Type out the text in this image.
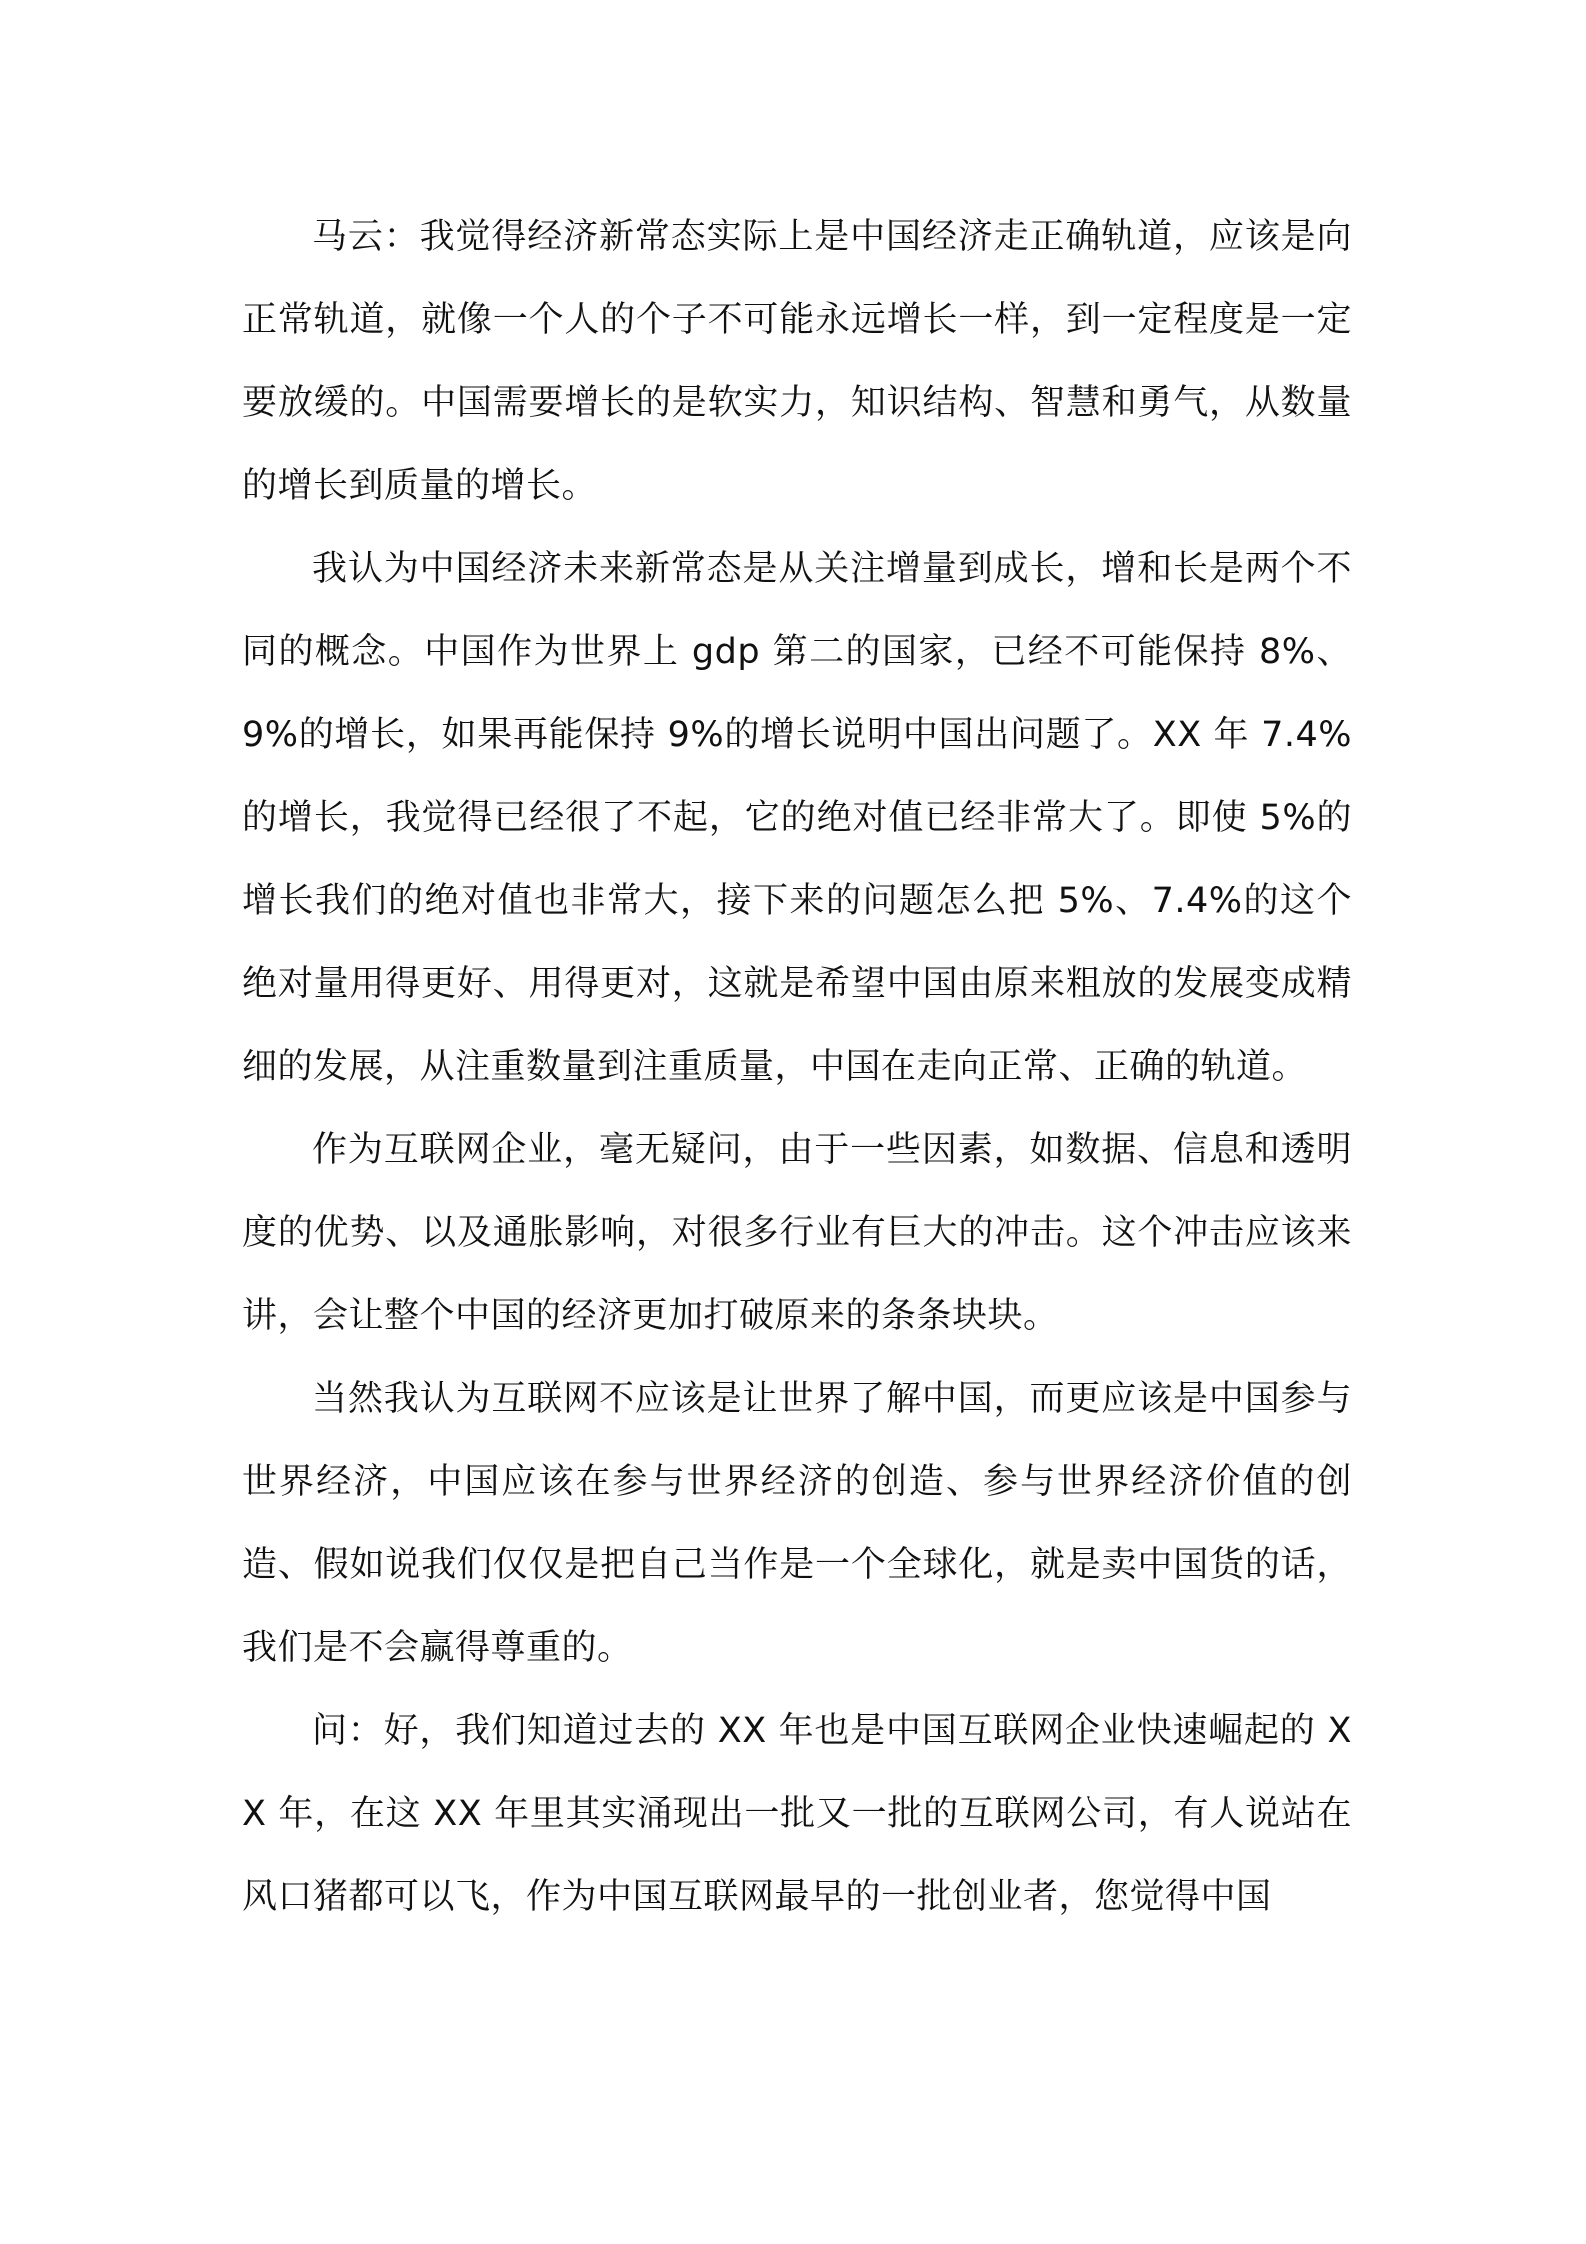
马云：我觉得经济新常态实际上是中国经济走正确轨道，应该是向正常轨道，就像一个人的个子不可能永远增长一样，到一定程度是一定要放缓的。中国需要增长的是软实力，知识结构、智慧和勇气，从数量的增长到质量的增长。

我认为中国经济未来新常态是从关注增量到成长，增和长是两个不同的概念。中国作为世界上 gdp 第二的国家，已经不可能保持 8%、9%的增长，如果再能保持 9%的增长说明中国出问题了。XX 年 7.4%的增长，我觉得已经很了不起，它的绝对值已经非常大了。即使 5%的增长我们的绝对值也非常大，接下来的问题怎么把 5%、7.4%的这个绝对量用得更好、用得更对，这就是希望中国由原来粗放的发展变成精细的发展，从注重数量到注重质量，中国在走向正常、正确的轨道。

作为互联网企业，毫无疑问，由于一些因素，如数据、信息和透明度的优势、以及通胀影响，对很多行业有巨大的冲击。这个冲击应该来讲，会让整个中国的经济更加打破原来的条条块块。

当然我认为互联网不应该是让世界了解中国，而更应该是中国参与世界经济，中国应该在参与世界经济的创造、参与世界经济价值的创造、假如说我们仅仅是把自己当作是一个全球化，就是卖中国货的话，我们是不会赢得尊重的。

问：好，我们知道过去的 XX 年也是中国互联网企业快速崛起的 XX 年，在这 XX 年里其实涌现出一批又一批的互联网公司，有人说站在风口猪都可以飞，作为中国互联网最早的一批创业者，您觉得中国
